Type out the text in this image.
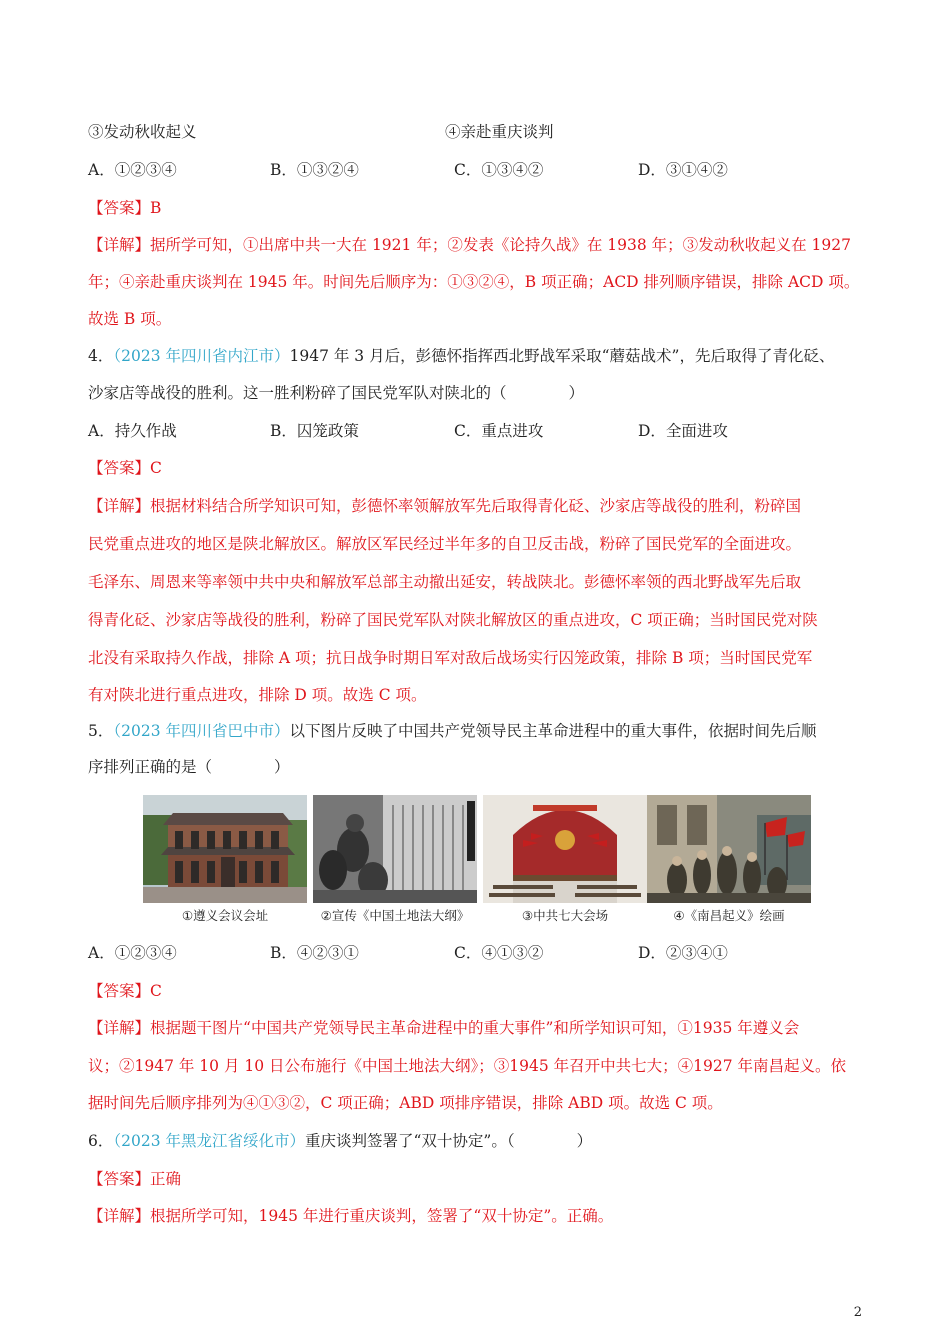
③发动秋收起义	④亲赴重庆谈判
A．①②③④	B．①③②④	C．①③④②	D．③①④②
【答案】B
【详解】据所学可知，①出席中共一大在 1921 年；②发表《论持久战》在 1938 年；③发动秋收起义在 1927
年；④亲赴重庆谈判在 1945 年。时间先后顺序为：①③②④，B 项正确；ACD 排列顺序错误，排除 ACD 项。
故选 B 项。
4．（2023 年四川省内江市）1947 年 3 月后，彭德怀指挥西北野战军采取“蘑菇战术”，先后取得了青化砭、
沙家店等战役的胜利。这一胜利粉碎了国民党军队对陕北的（　　　　）
A．持久作战	B．囚笼政策	C．重点进攻	D．全面进攻
【答案】C
【详解】根据材料结合所学知识可知，彭德怀率领解放军先后取得青化砭、沙家店等战役的胜利，粉碎国
民党重点进攻的地区是陕北解放区。解放区军民经过半年多的自卫反击战，粉碎了国民党军的全面进攻。
毛泽东、周恩来等率领中共中央和解放军总部主动撤出延安，转战陕北。彭德怀率领的西北野战军先后取
得青化砭、沙家店等战役的胜利，粉碎了国民党军队对陕北解放区的重点进攻，C 项正确；当时国民党对陕
北没有采取持久作战，排除 A 项；抗日战争时期日军对敌后战场实行囚笼政策，排除 B 项；当时国民党军
有对陕北进行重点进攻，排除 D 项。故选 C 项。
5．（2023 年四川省巴中市）以下图片反映了中国共产党领导民主革命进程中的重大事件，依据时间先后顺
序排列正确的是（　　　　）
①遵义会议会址	②宣传《中国土地法大纲》	③中共七大会场	④《南昌起义》绘画
A．①②③④	B．④②③①	C．④①③②	D．②③④①
【答案】C
【详解】根据题干图片“中国共产党领导民主革命进程中的重大事件”和所学知识可知，①1935 年遵义会
议；②1947 年 10 月 10 日公布施行《中国土地法大纲》；③1945 年召开中共七大；④1927 年南昌起义。依
据时间先后顺序排列为④①③②，C 项正确；ABD 项排序错误，排除 ABD 项。故选 C 项。
6．（2023 年黑龙江省绥化市）重庆谈判签署了“双十协定”。（　　　　）
【答案】正确
【详解】根据所学可知，1945 年进行重庆谈判，签署了“双十协定”。正确。
2
